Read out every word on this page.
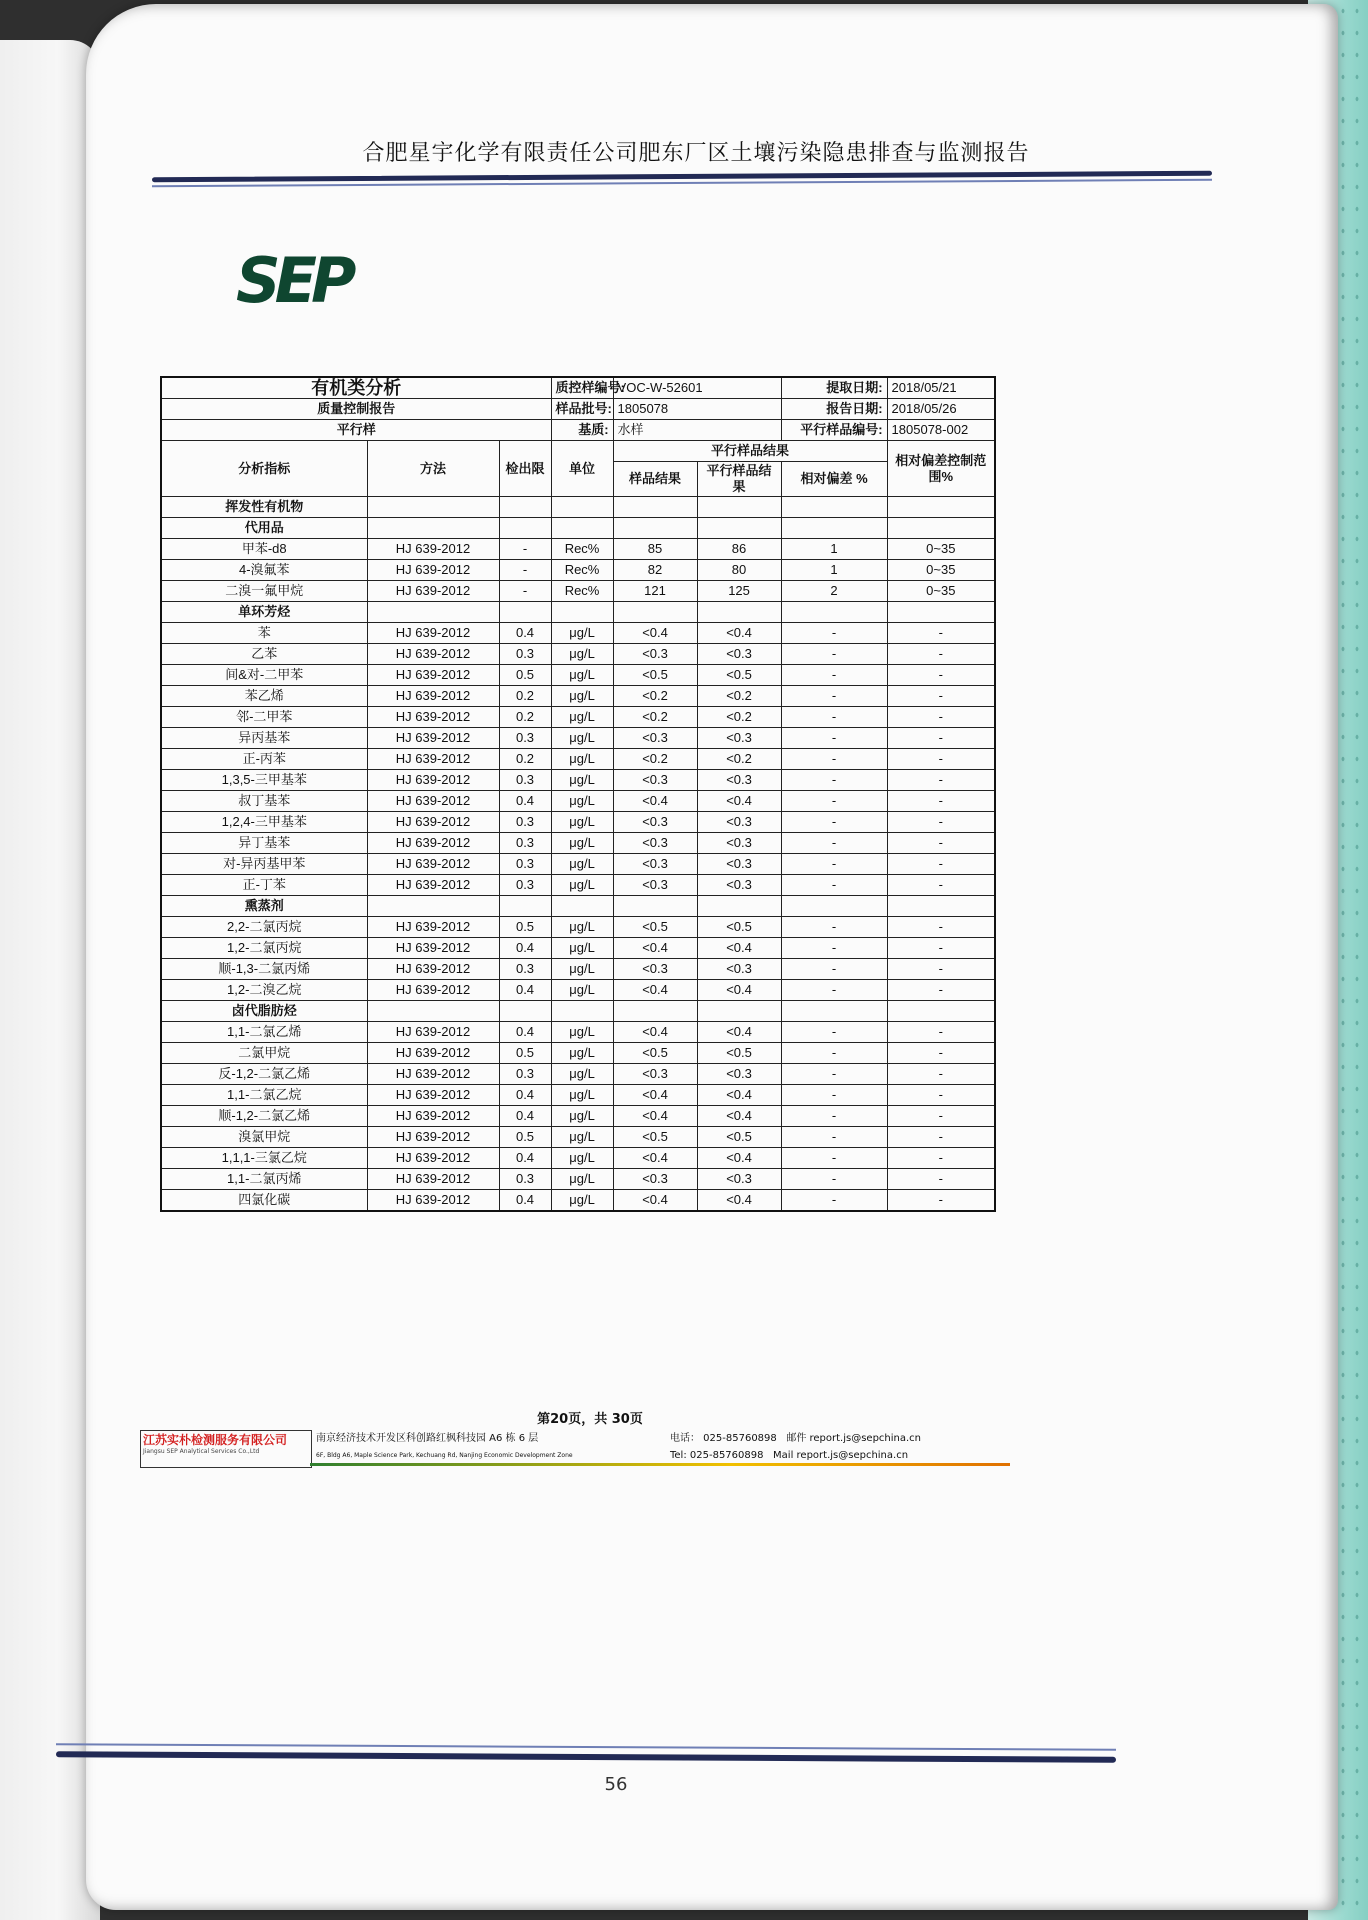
合肥星宇化学有限责任公司肥东厂区土壤污染隐患排查与监测报告
SEP
有机类分析			质控样编号:	VOC-W-52601		提取日期:	2018/05/21
质量控制报告			样品批号:	1805078		报告日期:	2018/05/26
平行样			基质:	水样		平行样品编号:	1805078-002
分析指标	方法	检出限	单位	平行样品结果			相对偏差控制范围%
				样品结果	平行样品结果	相对偏差 %	
挥发性有机物							
代用品							
甲苯-d8	HJ 639-2012	-	Rec%	85	86	1	0~35
4-溴氟苯	HJ 639-2012	-	Rec%	82	80	1	0~35
二溴一氟甲烷	HJ 639-2012	-	Rec%	121	125	2	0~35
单环芳烃							
苯	HJ 639-2012	0.4	μg/L	<0.4	<0.4	-	-
乙苯	HJ 639-2012	0.3	μg/L	<0.3	<0.3	-	-
间&对-二甲苯	HJ 639-2012	0.5	μg/L	<0.5	<0.5	-	-
苯乙烯	HJ 639-2012	0.2	μg/L	<0.2	<0.2	-	-
邻-二甲苯	HJ 639-2012	0.2	μg/L	<0.2	<0.2	-	-
异丙基苯	HJ 639-2012	0.3	μg/L	<0.3	<0.3	-	-
正-丙苯	HJ 639-2012	0.2	μg/L	<0.2	<0.2	-	-
1,3,5-三甲基苯	HJ 639-2012	0.3	μg/L	<0.3	<0.3	-	-
叔丁基苯	HJ 639-2012	0.4	μg/L	<0.4	<0.4	-	-
1,2,4-三甲基苯	HJ 639-2012	0.3	μg/L	<0.3	<0.3	-	-
异丁基苯	HJ 639-2012	0.3	μg/L	<0.3	<0.3	-	-
对-异丙基甲苯	HJ 639-2012	0.3	μg/L	<0.3	<0.3	-	-
正-丁苯	HJ 639-2012	0.3	μg/L	<0.3	<0.3	-	-
熏蒸剂							
2,2-二氯丙烷	HJ 639-2012	0.5	μg/L	<0.5	<0.5	-	-
1,2-二氯丙烷	HJ 639-2012	0.4	μg/L	<0.4	<0.4	-	-
顺-1,3-二氯丙烯	HJ 639-2012	0.3	μg/L	<0.3	<0.3	-	-
1,2-二溴乙烷	HJ 639-2012	0.4	μg/L	<0.4	<0.4	-	-
卤代脂肪烃							
1,1-二氯乙烯	HJ 639-2012	0.4	μg/L	<0.4	<0.4	-	-
二氯甲烷	HJ 639-2012	0.5	μg/L	<0.5	<0.5	-	-
反-1,2-二氯乙烯	HJ 639-2012	0.3	μg/L	<0.3	<0.3	-	-
1,1-二氯乙烷	HJ 639-2012	0.4	μg/L	<0.4	<0.4	-	-
顺-1,2-二氯乙烯	HJ 639-2012	0.4	μg/L	<0.4	<0.4	-	-
溴氯甲烷	HJ 639-2012	0.5	μg/L	<0.5	<0.5	-	-
1,1,1-三氯乙烷	HJ 639-2012	0.4	μg/L	<0.4	<0.4	-	-
1,1-二氯丙烯	HJ 639-2012	0.3	μg/L	<0.3	<0.3	-	-
四氯化碳	HJ 639-2012	0.4	μg/L	<0.4	<0.4	-	-
第20页，共 30页
江苏实朴检测服务有限公司
Jiangsu SEP Analytical Services Co.,Ltd
南京经济技术开发区科创路红枫科技园 A6 栋 6 层
6F, Bldg A6, Maple Science Park, Kechuang Rd, Nanjing Economic Development Zone
电话： 025-85760898 邮件 report.js@sepchina.cn
Tel: 025-85760898 Mail report.js@sepchina.cn
56
